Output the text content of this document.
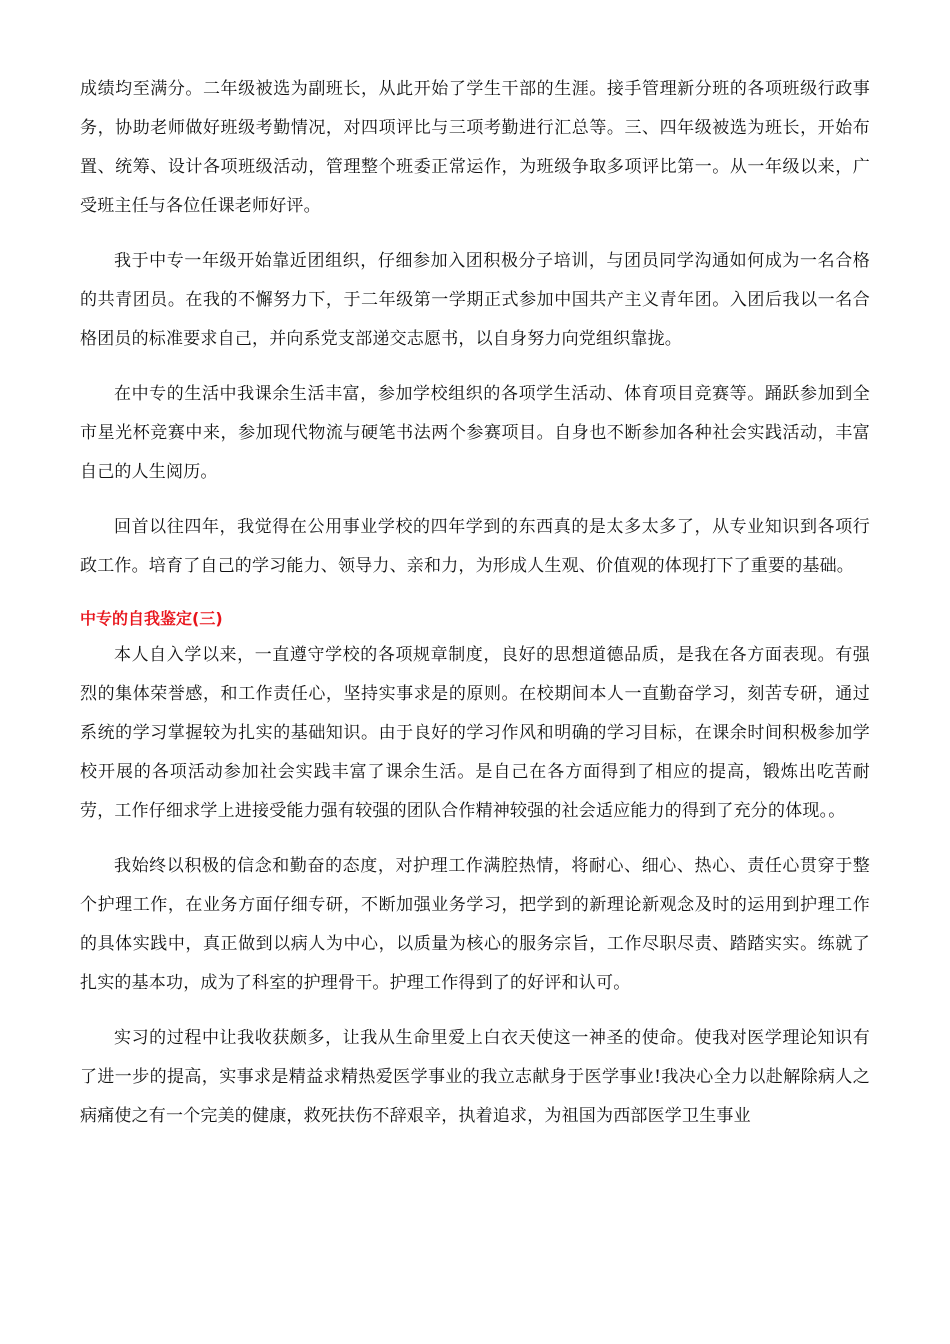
成绩均至满分。二年级被选为副班长，从此开始了学生干部的生涯。接手管理新分班的各项班级行政事务，协助老师做好班级考勤情况，对四项评比与三项考勤进行汇总等。三、四年级被选为班长，开始布置、统筹、设计各项班级活动，管理整个班委正常运作，为班级争取多项评比第一。从一年级以来，广受班主任与各位任课老师好评。

我于中专一年级开始靠近团组织，仔细参加入团积极分子培训，与团员同学沟通如何成为一名合格的共青团员。在我的不懈努力下，于二年级第一学期正式参加中国共产主义青年团。入团后我以一名合格团员的标准要求自己，并向系党支部递交志愿书，以自身努力向党组织靠拢。

在中专的生活中我课余生活丰富，参加学校组织的各项学生活动、体育项目竞赛等。踊跃参加到全市星光杯竞赛中来，参加现代物流与硬笔书法两个参赛项目。自身也不断参加各种社会实践活动，丰富自己的人生阅历。

回首以往四年，我觉得在公用事业学校的四年学到的东西真的是太多太多了，从专业知识到各项行政工作。培育了自己的学习能力、领导力、亲和力，为形成人生观、价值观的体现打下了重要的基础。

中专的自我鉴定(三)

本人自入学以来，一直遵守学校的各项规章制度，良好的思想道德品质，是我在各方面表现。有强烈的集体荣誉感，和工作责任心，坚持实事求是的原则。在校期间本人一直勤奋学习，刻苦专研，通过系统的学习掌握较为扎实的基础知识。由于良好的学习作风和明确的学习目标，在课余时间积极参加学校开展的各项活动参加社会实践丰富了课余生活。是自己在各方面得到了相应的提高，锻炼出吃苦耐劳，工作仔细求学上进接受能力强有较强的团队合作精神较强的社会适应能力的得到了充分的体现。。

我始终以积极的信念和勤奋的态度，对护理工作满腔热情，将耐心、细心、热心、责任心贯穿于整个护理工作，在业务方面仔细专研，不断加强业务学习，把学到的新理论新观念及时的运用到护理工作的具体实践中，真正做到以病人为中心，以质量为核心的服务宗旨，工作尽职尽责、踏踏实实。练就了扎实的基本功，成为了科室的护理骨干。护理工作得到了的好评和认可。

实习的过程中让我收获颇多，让我从生命里爱上白衣天使这一神圣的使命。使我对医学理论知识有了进一步的提高，实事求是精益求精热爱医学事业的我立志献身于医学事业!我决心全力以赴解除病人之病痛使之有一个完美的健康，救死扶伤不辞艰辛，执着追求，为祖国为西部医学卫生事业
